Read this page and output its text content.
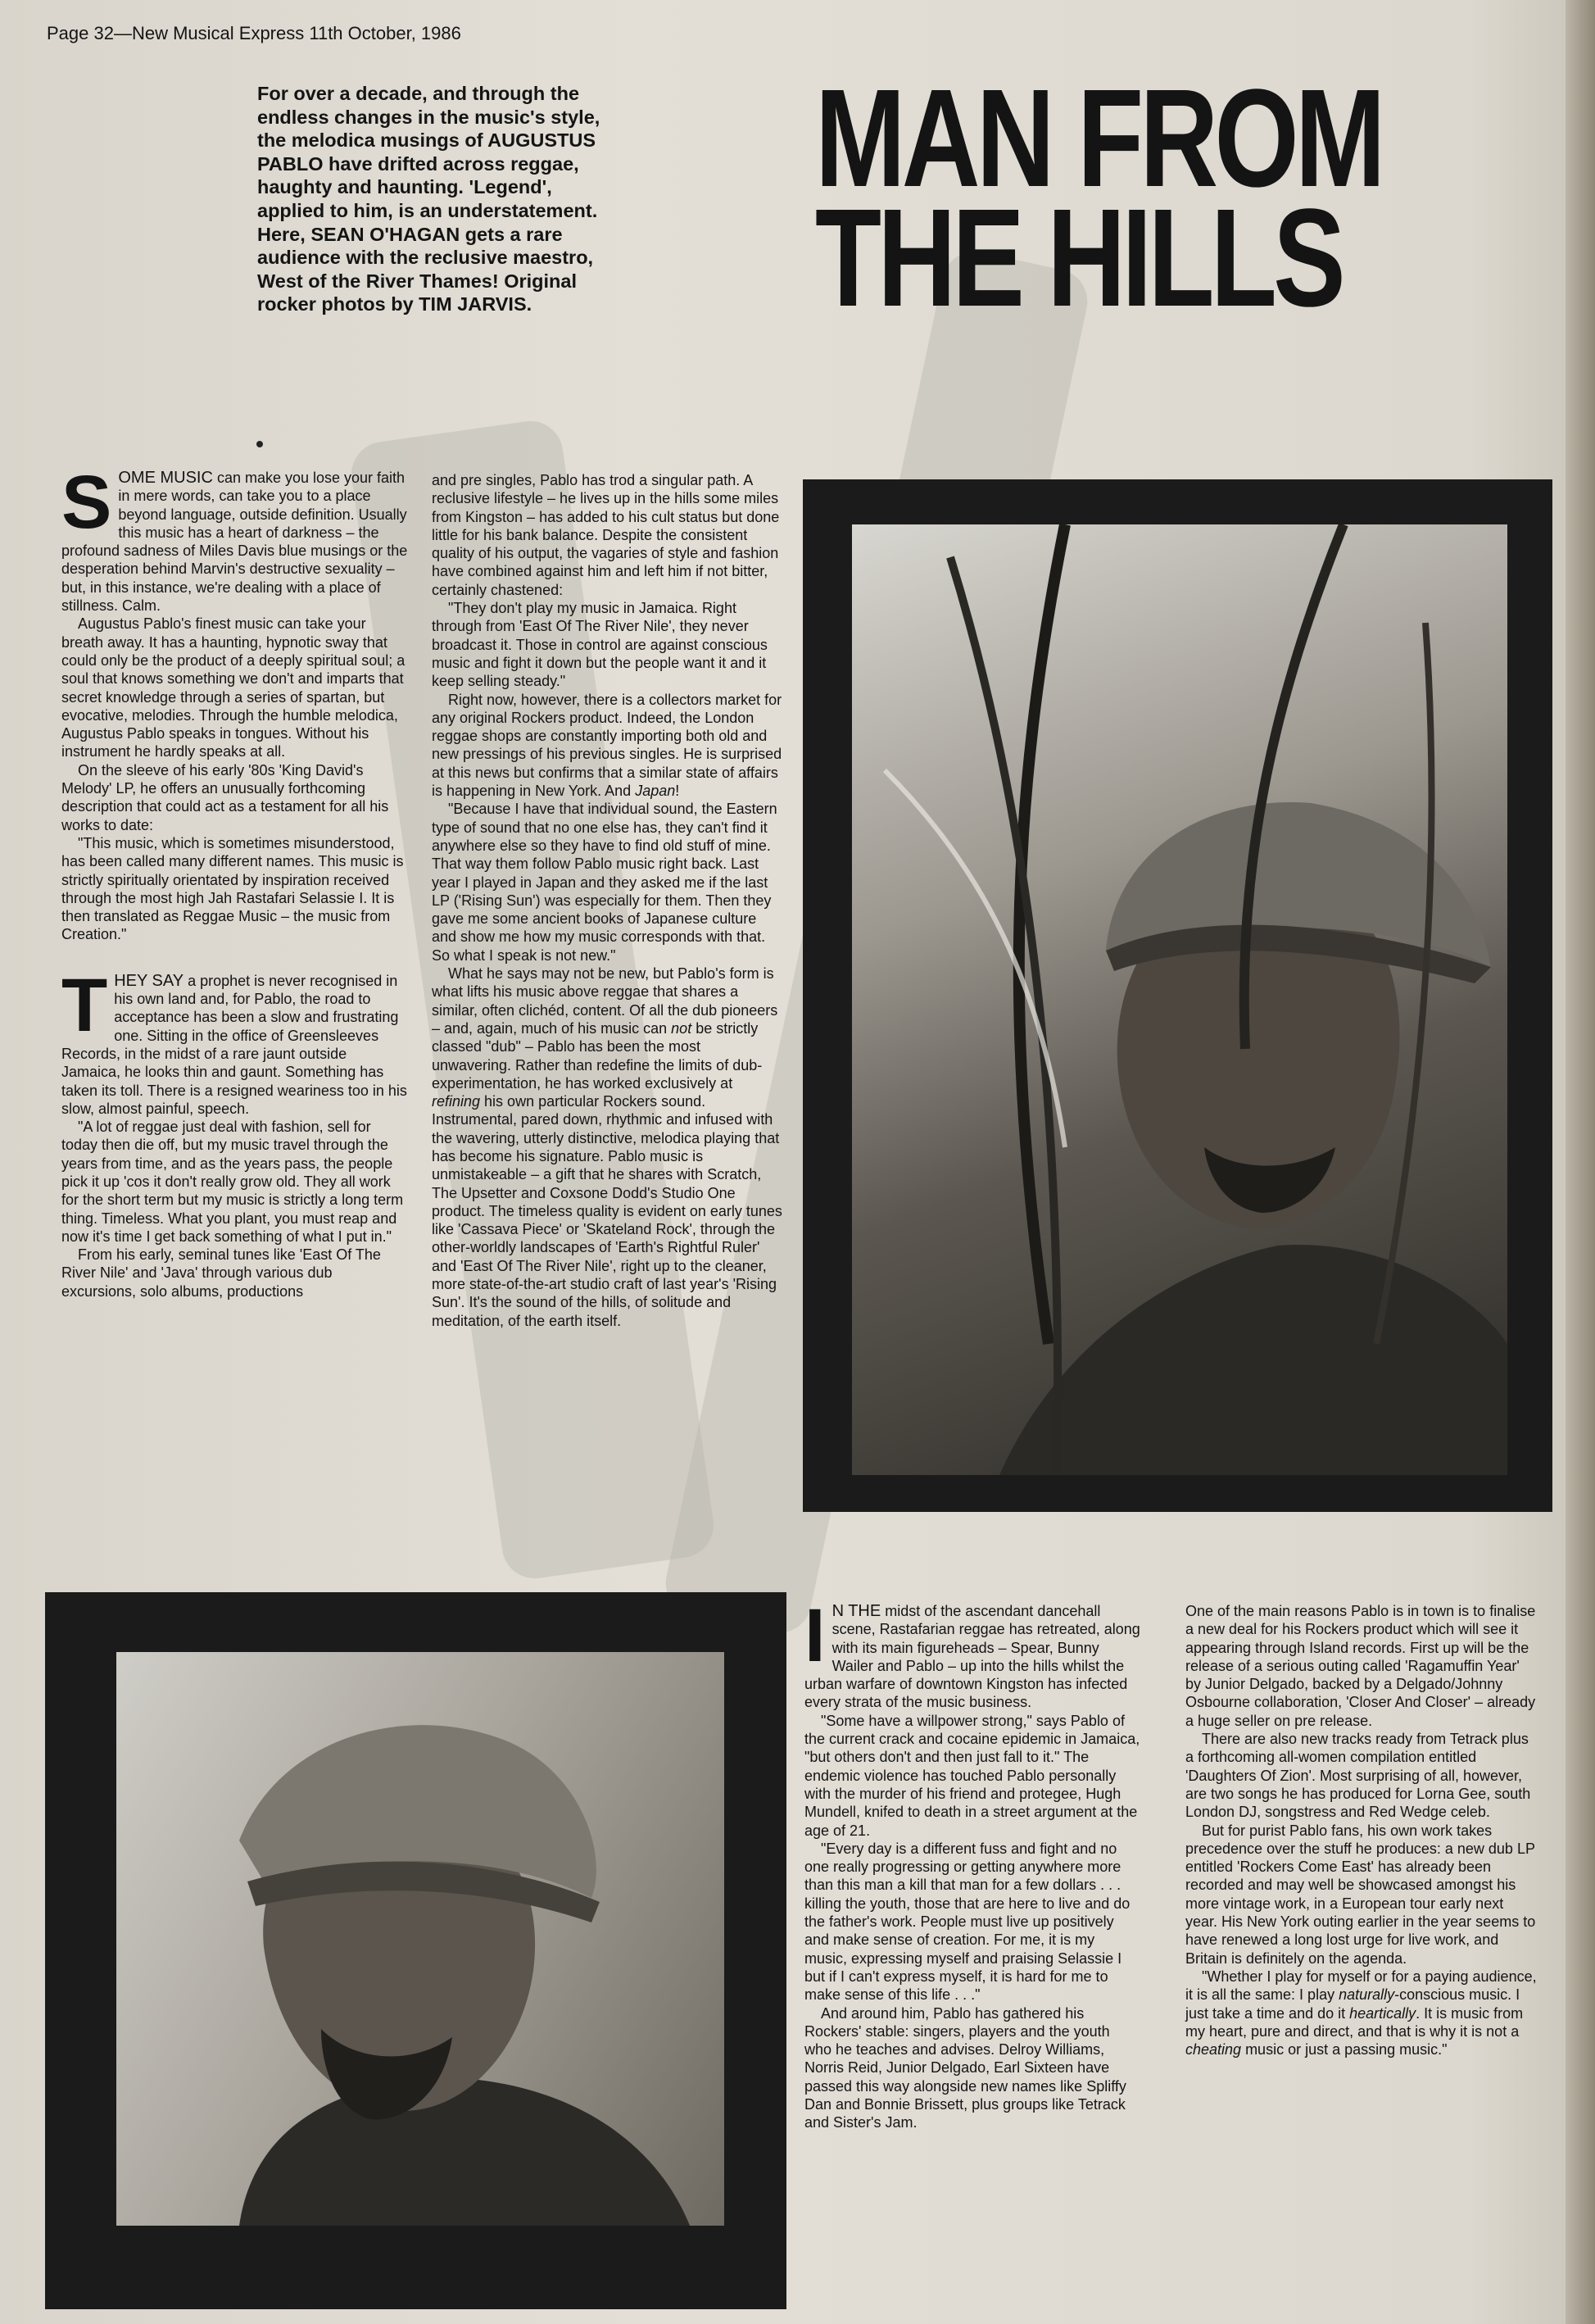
Page 32—New Musical Express 11th October, 1986
For over a decade, and through the endless changes in the music's style, the melodica musings of AUGUSTUS PABLO have drifted across reggae, haughty and haunting. 'Legend', applied to him, is an understatement. Here, SEAN O'HAGAN gets a rare audience with the reclusive maestro, West of the River Thames! Original rocker photos by TIM JARVIS.
MAN FROM
THE HILLS

SOME MUSIC can make you lose your faith in mere words, can take you to a place beyond language, outside definition. Usually this music has a heart of darkness – the profound sadness of Miles Davis blue musings or the desperation behind Marvin's destructive sexuality – but, in this instance, we're dealing with a place of stillness. Calm.

Augustus Pablo's finest music can take your breath away. It has a haunting, hypnotic sway that could only be the product of a deeply spiritual soul; a soul that knows something we don't and imparts that secret knowledge through a series of spartan, but evocative, melodies. Through the humble melodica, Augustus Pablo speaks in tongues. Without his instrument he hardly speaks at all.

On the sleeve of his early '80s 'King David's Melody' LP, he offers an unusually forthcoming description that could act as a testament for all his works to date:

"This music, which is sometimes misunderstood, has been called many different names. This music is strictly spiritually orientated by inspiration received through the most high Jah Rastafari Selassie I. It is then translated as Reggae Music – the music from Creation."

THEY SAY a prophet is never recognised in his own land and, for Pablo, the road to acceptance has been a slow and frustrating one. Sitting in the office of Greensleeves Records, in the midst of a rare jaunt outside Jamaica, he looks thin and gaunt. Something has taken its toll. There is a resigned weariness too in his slow, almost painful, speech.

"A lot of reggae just deal with fashion, sell for today then die off, but my music travel through the years from time, and as the years pass, the people pick it up 'cos it don't really grow old. They all work for the short term but my music is strictly a long term thing. Timeless. What you plant, you must reap and now it's time I get back something of what I put in."

From his early, seminal tunes like 'East Of The River Nile' and 'Java' through various dub excursions, solo albums, productions

and pre singles, Pablo has trod a singular path. A reclusive lifestyle – he lives up in the hills some miles from Kingston – has added to his cult status but done little for his bank balance. Despite the consistent quality of his output, the vagaries of style and fashion have combined against him and left him if not bitter, certainly chastened:

"They don't play my music in Jamaica. Right through from 'East Of The River Nile', they never broadcast it. Those in control are against conscious music and fight it down but the people want it and it keep selling steady."

Right now, however, there is a collectors market for any original Rockers product. Indeed, the London reggae shops are constantly importing both old and new pressings of his previous singles. He is surprised at this news but confirms that a similar state of affairs is happening in New York. And Japan!

"Because I have that individual sound, the Eastern type of sound that no one else has, they can't find it anywhere else so they have to find old stuff of mine. That way them follow Pablo music right back. Last year I played in Japan and they asked me if the last LP ('Rising Sun') was especially for them. Then they gave me some ancient books of Japanese culture and show me how my music corresponds with that. So what I speak is not new."

What he says may not be new, but Pablo's form is what lifts his music above reggae that shares a similar, often clichéd, content. Of all the dub pioneers – and, again, much of his music can not be strictly classed "dub" – Pablo has been the most unwavering. Rather than redefine the limits of dub-experimentation, he has worked exclusively at refining his own particular Rockers sound. Instrumental, pared down, rhythmic and infused with the wavering, utterly distinctive, melodica playing that has become his signature. Pablo music is unmistakeable – a gift that he shares with Scratch, The Upsetter and Coxsone Dodd's Studio One product. The timeless quality is evident on early tunes like 'Cassava Piece' or 'Skateland Rock', through the other-worldly landscapes of 'Earth's Rightful Ruler' and 'East Of The River Nile', right up to the cleaner, more state-of-the-art studio craft of last year's 'Rising Sun'. It's the sound of the hills, of solitude and meditation, of the earth itself.

I N THE midst of the ascendant dancehall scene, Rastafarian reggae has retreated, along with its main figureheads – Spear, Bunny Wailer and Pablo – up into the hills whilst the urban warfare of downtown Kingston has infected every strata of the music business.

"Some have a willpower strong," says Pablo of the current crack and cocaine epidemic in Jamaica, "but others don't and then just fall to it." The endemic violence has touched Pablo personally with the murder of his friend and protegee, Hugh Mundell, knifed to death in a street argument at the age of 21.

"Every day is a different fuss and fight and no one really progressing or getting anywhere more than this man a kill that man for a few dollars . . . killing the youth, those that are here to live and do the father's work. People must live up positively and make sense of creation. For me, it is my music, expressing myself and praising Selassie I but if I can't express myself, it is hard for me to make sense of this life . . ."

And around him, Pablo has gathered his Rockers' stable: singers, players and the youth who he teaches and advises. Delroy Williams, Norris Reid, Junior Delgado, Earl Sixteen have passed this way alongside new names like Spliffy Dan and Bonnie Brissett, plus groups like Tetrack and Sister's Jam.

One of the main reasons Pablo is in town is to finalise a new deal for his Rockers product which will see it appearing through Island records. First up will be the release of a serious outing called 'Ragamuffin Year' by Junior Delgado, backed by a Delgado/Johnny Osbourne collaboration, 'Closer And Closer' – already a huge seller on pre release.

There are also new tracks ready from Tetrack plus a forthcoming all-women compilation entitled 'Daughters Of Zion'. Most surprising of all, however, are two songs he has produced for Lorna Gee, south London DJ, songstress and Red Wedge celeb.

But for purist Pablo fans, his own work takes precedence over the stuff he produces: a new dub LP entitled 'Rockers Come East' has already been recorded and may well be showcased amongst his more vintage work, in a European tour early next year. His New York outing earlier in the year seems to have renewed a long lost urge for live work, and Britain is definitely on the agenda.

"Whether I play for myself or for a paying audience, it is all the same: I play naturally-conscious music. I just take a time and do it heartically. It is music from my heart, pure and direct, and that is why it is not a cheating music or just a passing music."
